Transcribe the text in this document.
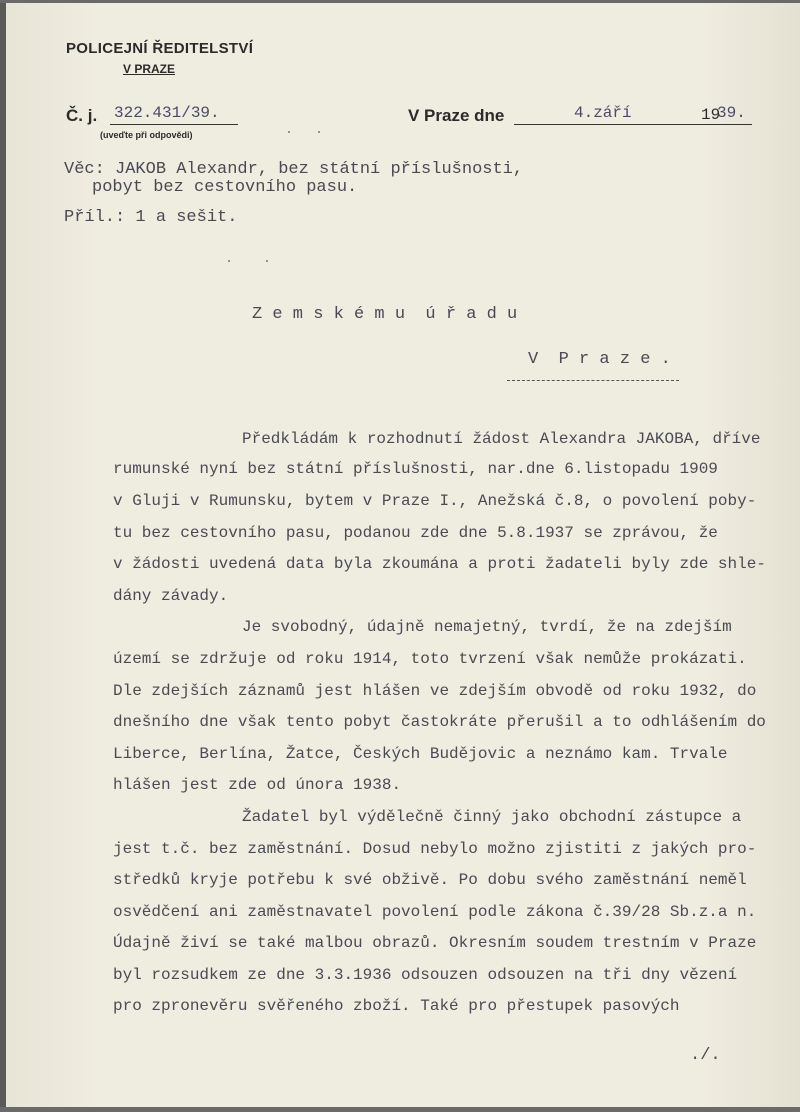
POLICEJNÍ ŘEDITELSTVÍ
V PRAZE
Č. j. 322.431/39.
(uveďte při odpovědi)
V Praze dne	4.září	19
39.
Věc: JAKOB Alexandr, bez státní příslušnosti,
pobyt bez cestovního pasu.
Příl.: 1 a sešit.
Z e m s k é m u  ú ř a d u
V  P r a z e .
Předkládám k rozhodnutí žádost Alexandra JAKOBA, dříve
rumunské nyní bez státní příslušnosti, nar.dne 6.listopadu 1909
v Gluji v Rumunsku, bytem v Praze I., Anežská č.8, o povolení poby-
tu bez cestovního pasu, podanou zde dne 5.8.1937 se zprávou, že
v žádosti uvedená data byla zkoumána a proti žadateli byly zde shle-
dány závady.
Je svobodný, údajně nemajetný, tvrdí, že na zdejším
území se zdržuje od roku 1914, toto tvrzení však nemůže prokázati.
Dle zdejších záznamů jest hlášen ve zdejším obvodě od roku 1932, do
dnešního dne však tento pobyt častokráte přerušil a to odhlášením do
Liberce, Berlína, Žatce, Českých Budějovic a neznámo kam. Trvale
hlášen jest zde od února 1938.
Žadatel byl výdělečně činný jako obchodní zástupce a
jest t.č. bez zaměstnání. Dosud nebylo možno zjistiti z jakých pro-
středků kryje potřebu k své obživě. Po dobu svého zaměstnání neměl
osvědčení ani zaměstnavatel povolení podle zákona č.39/28 Sb.z.a n.
Údajně živí se také malbou obrazů. Okresním soudem trestním v Praze
byl rozsudkem ze dne 3.3.1936 odsouzen odsouzen na tři dny vězení
pro zpronevěru svěřeného zboží. Také pro přestupek pasových
./.
